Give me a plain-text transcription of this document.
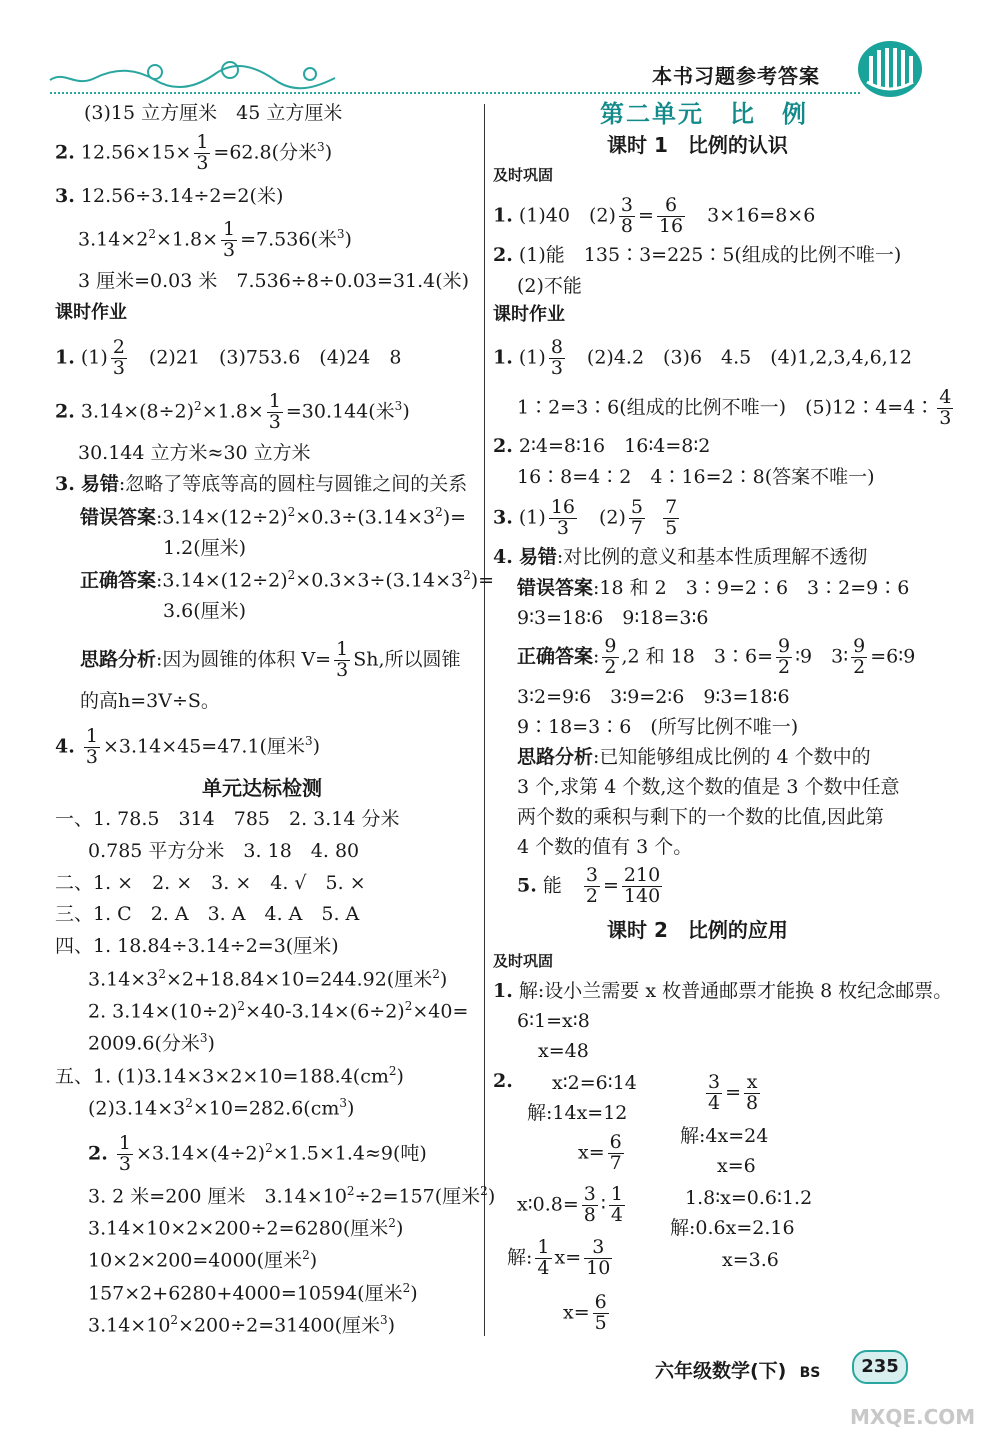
本书习题参考答案
(3)15 立方厘米　45 立方厘米
2. $12.56\times 15\times \frac{1}{3} =62.8$(分米$^3$)
3. 12.56÷3.14÷2=2(米)
$3.14\times 2^2\times 1.8\times \frac{1}{3} =7.536$(米$^3$)
3 厘米=0.03 米　7.536÷8÷0.03=31.4(米)
课时作业
1. $(1) \frac{2}{3}$ 　(2)21　(3)753.6　(4)24　8
2. $3.14\times(8\div 2)^2\times 1.8\times \frac{1}{3} =30.144$(米$^3$)
30.144 立方米≈30 立方米
3. 易错:忽略了等底等高的圆柱与圆锥之间的关系
错误答案$:3.14\times(12\div 2)^2\times 0.3\div(3.14\times 3^2)=$
1.2(厘米)
正确答案$:3.14\times(12\div 2)^2\times 0.3\times 3\div(3.14\times 3^2)=$
3.6(厘米)
思路分析:因为圆锥的体积 $V= \frac{1}{3} Sh$,所以圆锥
的高h=3V÷S。
4. $\frac{1}{3} \times 3.14\times 45=47.1$(厘米$^3$)
单元达标检测
一、1. 78.5　314　785　2. 3.14 分米
0.785 平方分米　3. 18　4. 80
二、1. ×　2. ×　3. ×　4. √　5. ×
三、1. C　2. A　3. A　4. A　5. A
四、1. 18.84÷3.14÷2=3(厘米)
$3.14\times 3^2\times 2+18.84\times 10=244.92$(厘米$^2$)
2. $3.14\times(10\div 2)^2\times 40-3.14\times(6\div 2)^2\times 40=$
2009.6(分米$^3$)
五、1. $(1)3.14\times 3\times 2\times 10=188.4(cm^2)$
$(2)3.14\times 3^2\times 10=282.6(cm^3)$
2. $\frac{1}{3} \times 3.14\times(4\div 2)^2\times 1.5\times 1.4\approx 9$(吨)
3. 2 米=200 厘米　$3.14\times 10^2\div 2=157$(厘米$^2$)
3.14×10×2×200÷2=6280(厘米$^2$)
10×2×200=4000(厘米$^2$)
157×2+6280+4000=10594(厘米$^2$)
$3.14\times 10^2\times 200\div 2=31400$(厘米$^3$)
第二单元　比　例
课时 1　比例的认识
及时巩固
1. (1)40　$(2) \frac{3}{8} = \frac{6}{16}$ 　3×16=8×6
2. (1)能　135∶3=225∶5(组成的比例不唯一)
(2)不能
课时作业
1. $(1) \frac{8}{3}$ 　(2)4.2　(3)6　4.5　(4)1,2,3,4,6,12
1∶2=3∶6(组成的比例不唯一)　(5)12∶4=4∶ $\frac{4}{3}$
2. 2∶4=8∶16　16∶4=8∶2
16∶8=4∶2　4∶16=2∶8(答案不唯一)
3. $(1) \frac{16}{3}$ 　$(2) \frac{5}{7}$
$\frac{7}{5}$
4. 易错:对比例的意义和基本性质理解不透彻
错误答案:18 和 2　3∶9=2∶6　3∶2=9∶6
9∶3=18∶6　9∶18=3∶6
正确答案: $\frac{9}{2} ,2$ 和 18　3∶6= $\frac{9}{2}$ ∶9　3∶ $\frac{9}{2}$ =6∶9
3∶2=9∶6　3∶9=2∶6　9∶3=18∶6
9∶18=3∶6　(所写比例不唯一)
思路分析:已知能够组成比例的 4 个数中的
3 个,求第 4 个数,这个数的值是 3 个数中任意
两个数的乘积与剩下的一个数的比值,因此第
4 个数的值有 3 个。
5. 能　 $\frac{3}{2} = \frac{210}{140}$
课时 2　比例的应用
及时巩固
1. 解:设小兰需要 x 枚普通邮票才能换 8 枚纪念邮票。
6∶1=x∶8
x=48
2. x∶2=6∶14
解:14x=12
$x= \frac{6}{7}$
$\frac{3}{4} = \frac{x}{8}$
解:4x=24
x=6
x∶0.8= $\frac{3}{8}$ ∶ $\frac{1}{4}$	1.8∶x=0.6∶1.2
解:0.6x=2.16
x=3.6
解: $\frac{1}{4} x= \frac{3}{10}$
$x= \frac{6}{5}$
六年级数学(下) BS	235
MXQE.COM
